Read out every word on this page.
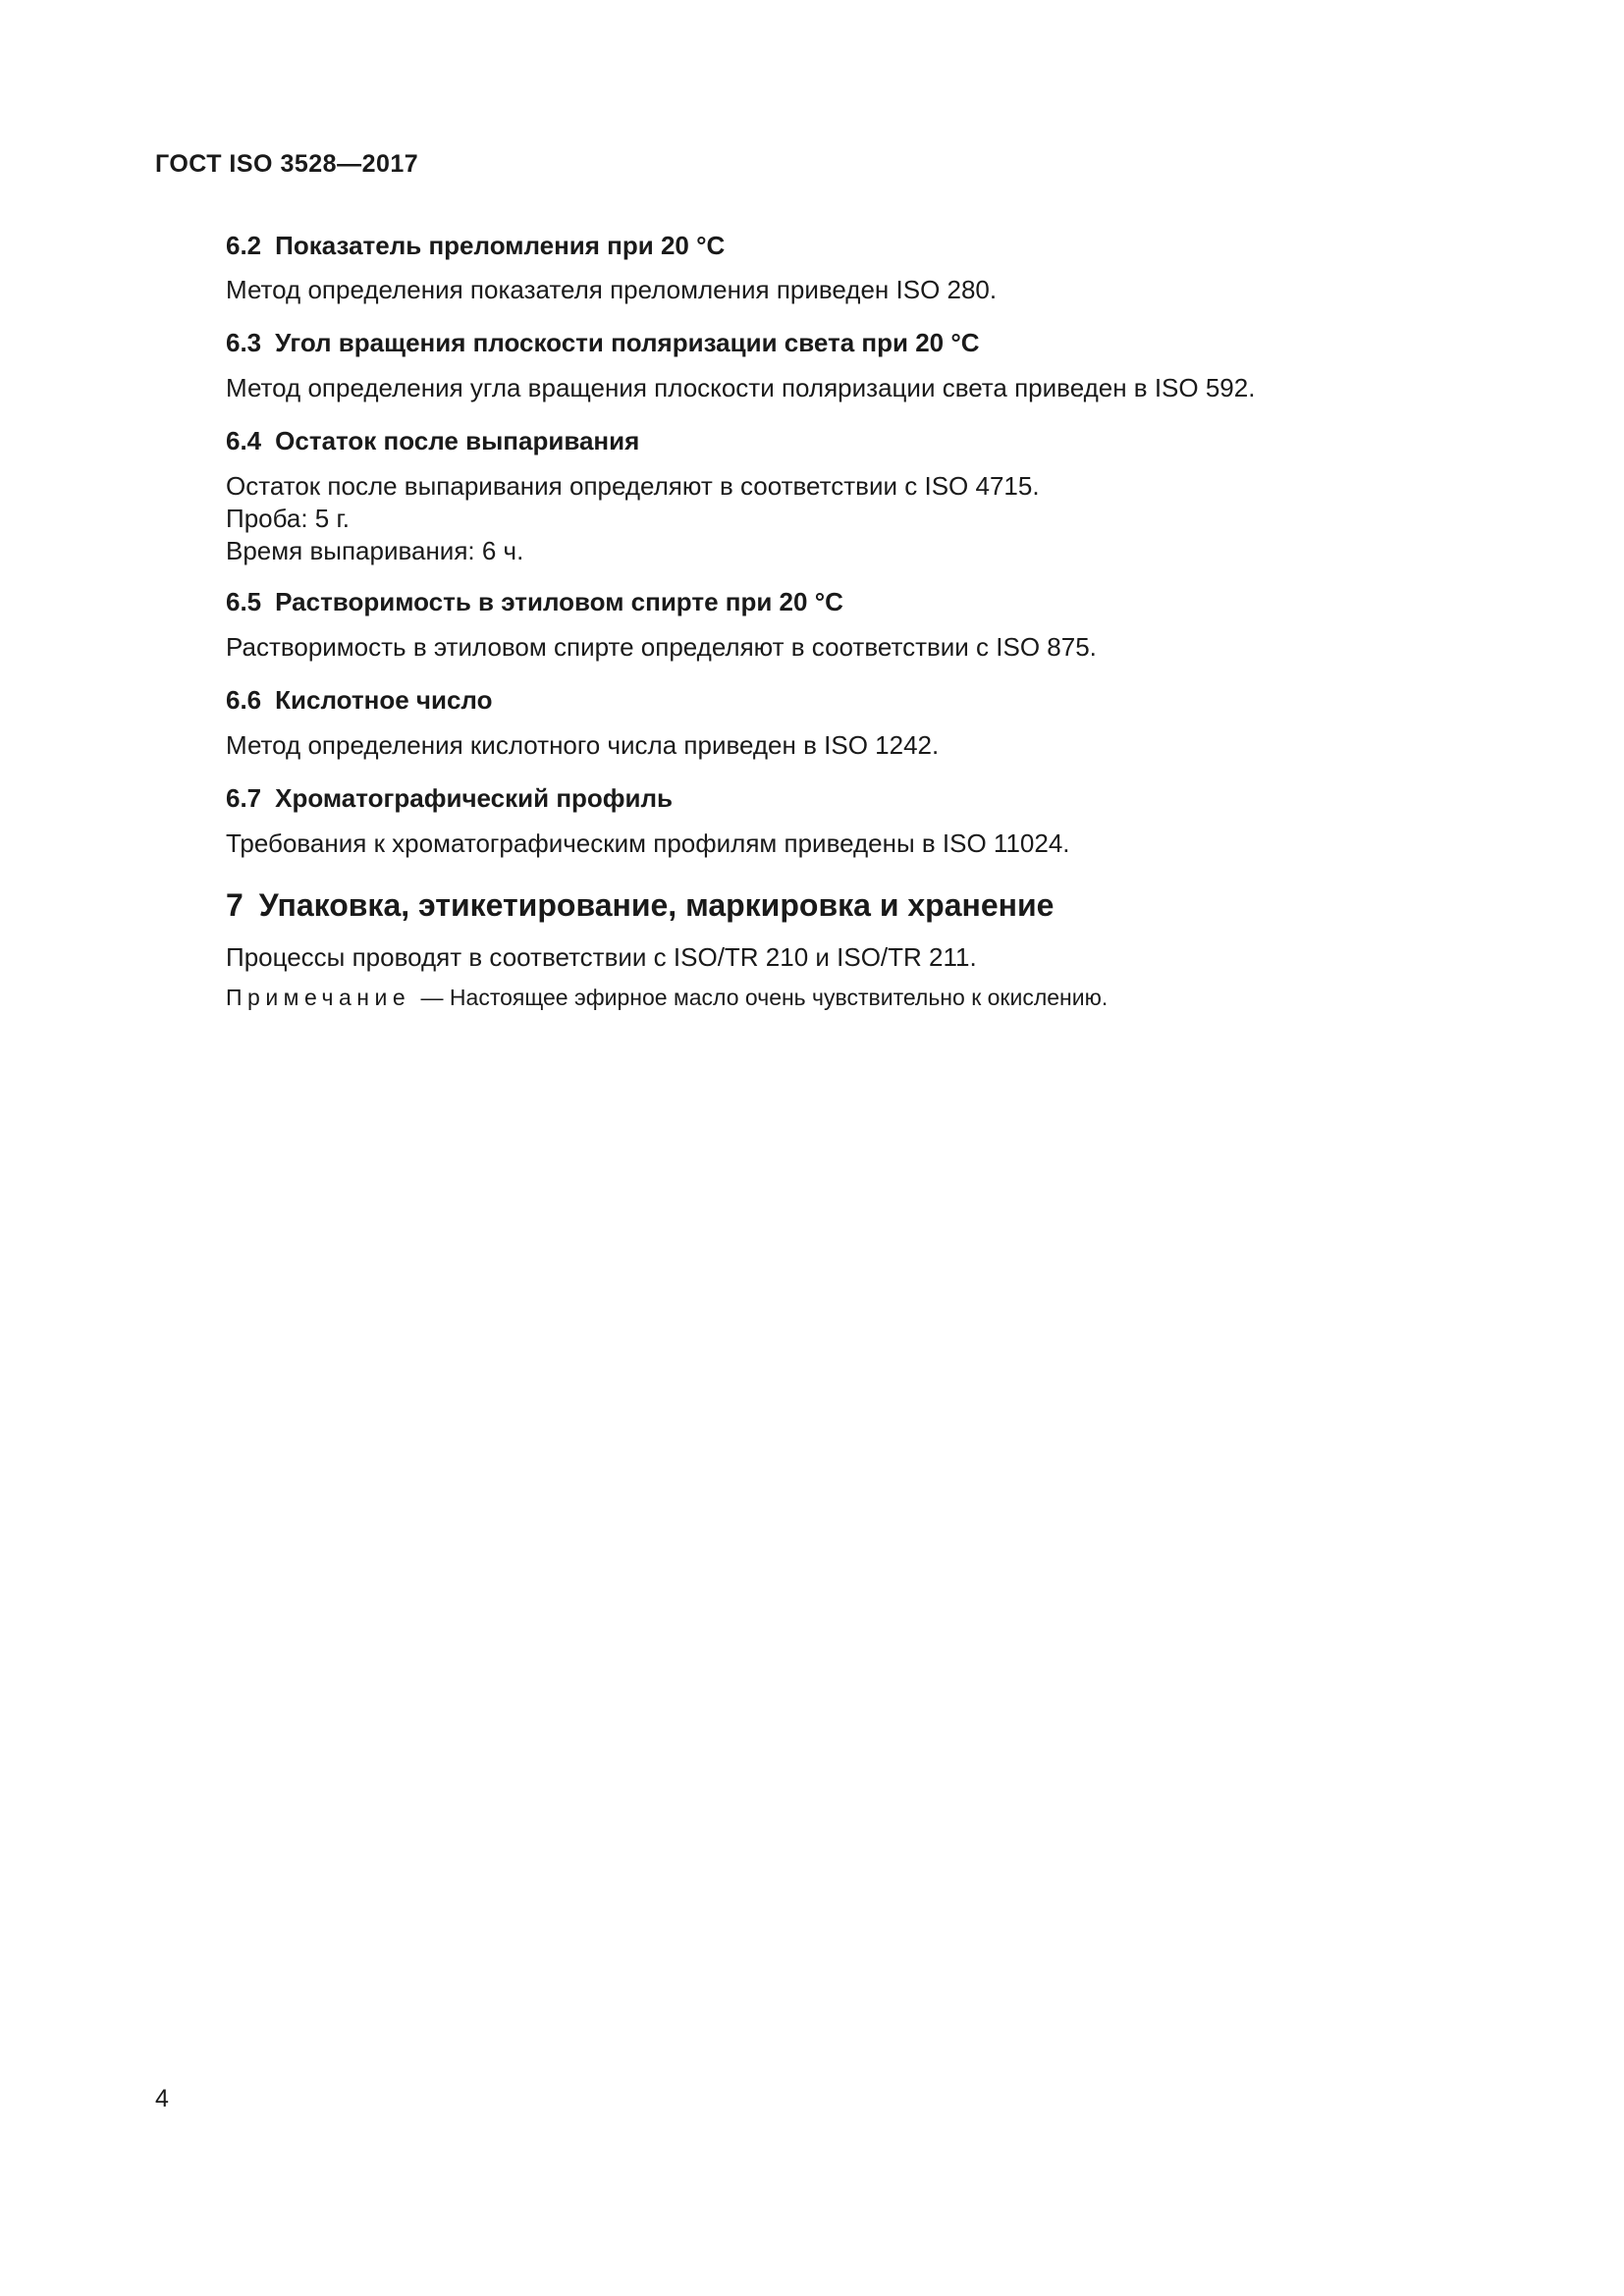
ГОСТ ISO 3528—2017
6.2 Показатель преломления при 20 °С

Метод определения показателя преломления приведен ISO 280.

6.3 Угол вращения плоскости поляризации света при 20 °С

Метод определения угла вращения плоскости поляризации света приведен в ISO 592.

6.4 Остаток после выпаривания

Остаток после выпаривания определяют в соответствии с ISO 4715.

Проба: 5 г.

Время выпаривания: 6 ч.

6.5 Растворимость в этиловом спирте при 20 °С

Растворимость в этиловом спирте определяют в соответствии с ISO 875.

6.6 Кислотное число

Метод определения кислотного числа приведен в ISO 1242.

6.7 Хроматографический профиль

Требования к хроматографическим профилям приведены в ISO 11024.

7 Упаковка, этикетирование, маркировка и хранение

Процессы проводят в соответствии с ISO/TR 210 и ISO/TR 211.

Примечание — Настоящее эфирное масло очень чувствительно к окислению.

4
